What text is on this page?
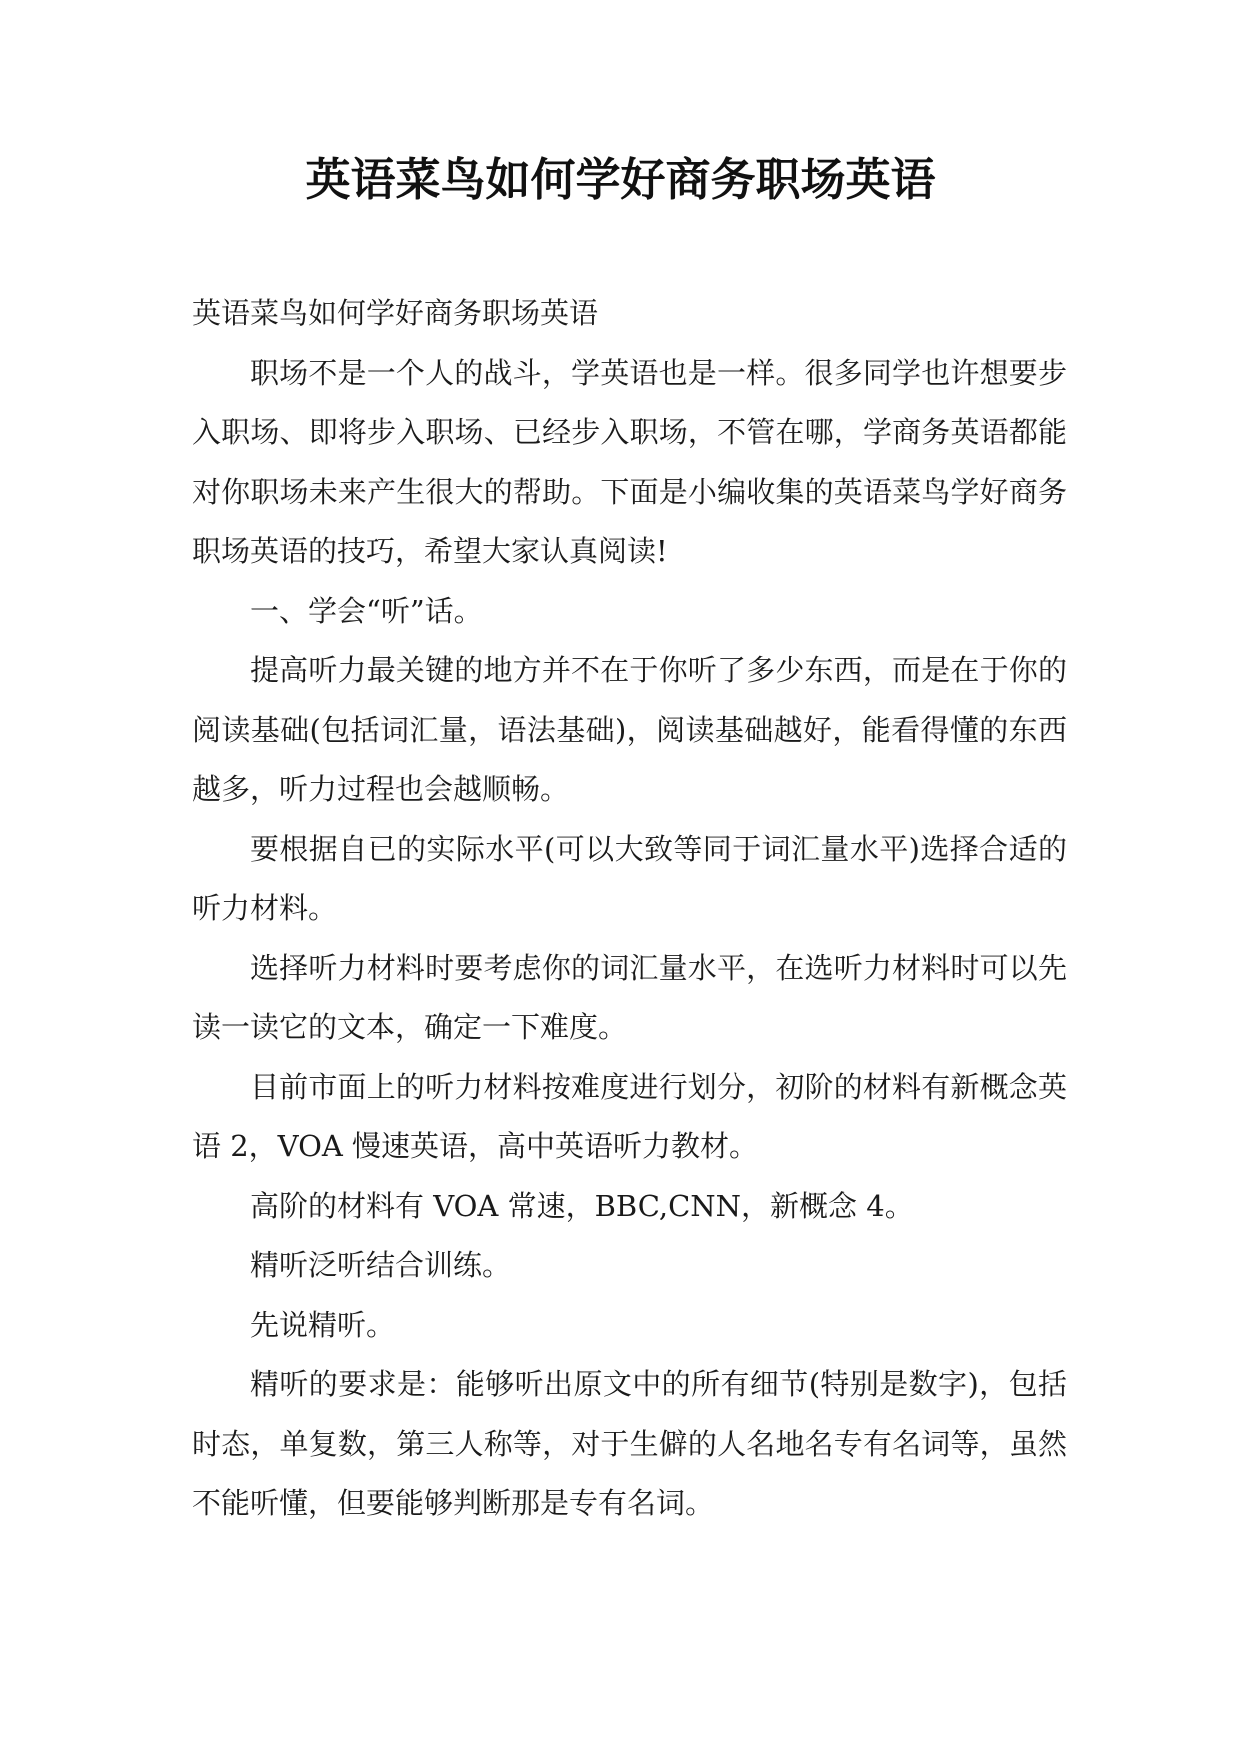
英语菜鸟如何学好商务职场英语

英语菜鸟如何学好商务职场英语

职场不是一个人的战斗，学英语也是一样。很多同学也许想要步入职场、即将步入职场、已经步入职场，不管在哪，学商务英语都能对你职场未来产生很大的帮助。下面是小编收集的英语菜鸟学好商务职场英语的技巧，希望大家认真阅读!

一、学会“听”话。

提高听力最关键的地方并不在于你听了多少东西，而是在于你的阅读基础(包括词汇量，语法基础)，阅读基础越好，能看得懂的东西越多，听力过程也会越顺畅。

要根据自已的实际水平(可以大致等同于词汇量水平)选择合适的听力材料。

选择听力材料时要考虑你的词汇量水平，在选听力材料时可以先读一读它的文本，确定一下难度。

目前市面上的听力材料按难度进行划分，初阶的材料有新概念英语 2，VOA 慢速英语，高中英语听力教材。

高阶的材料有 VOA 常速，BBC,CNN，新概念 4。

精听泛听结合训练。

先说精听。

精听的要求是：能够听出原文中的所有细节(特别是数字)，包括时态，单复数，第三人称等，对于生僻的人名地名专有名词等，虽然不能听懂，但要能够判断那是专有名词。
